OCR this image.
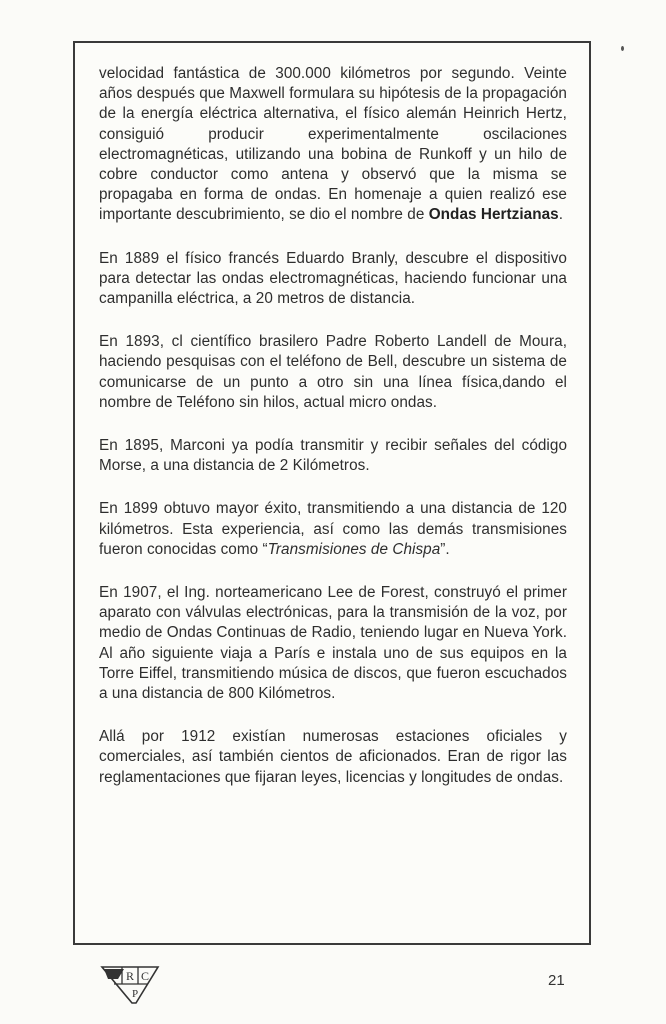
velocidad fantástica de 300.000 kilómetros por segundo. Veinte años después que Maxwell formulara su hipótesis de la propagación de la energía eléctrica alternativa, el físico alemán Heinrich Hertz, consiguió producir experimentalmente oscilaciones electromagnéticas, utilizando una bobina de Runkoff y un hilo de cobre conductor como antena y observó que la misma se propagaba en forma de ondas. En homenaje a quien realizó ese importante descubrimiento, se dio el nombre de Ondas Hertzianas.

En 1889 el físico francés Eduardo Branly, descubre el dispositivo para detectar las ondas electromagnéticas, haciendo funcionar una campanilla eléctrica, a 20 metros de distancia.

En 1893, cl científico brasilero Padre Roberto Landell de Moura, haciendo pesquisas con el teléfono de Bell, descubre un sistema de comunicarse de un punto a otro sin una línea física,dando el nombre de Teléfono sin hilos, actual micro ondas.

En 1895, Marconi ya podía transmitir y recibir señales del código Morse, a una distancia de 2 Kilómetros.

En 1899 obtuvo mayor éxito, transmitiendo a una distancia de 120 kilómetros. Esta experiencia, así como las demás transmisiones fueron conocidas como “Transmisiones de Chispa”.

En 1907, el Ing. norteamericano Lee de Forest, construyó el primer aparato con válvulas electrónicas, para la transmisión de la voz, por medio de Ondas Continuas de Radio, teniendo lugar en Nueva York. Al año siguiente viaja a París e instala uno de sus equipos en la Torre Eiffel, transmitiendo música de discos, que fueron escuchados a una distancia de 800 Kilómetros.

Allá por 1912 existían numerosas estaciones oficiales y comerciales, así también cientos de aficionados. Eran de rigor las reglamentaciones que fijaran leyes, licencias y longitudes de ondas.

R C
P
21
